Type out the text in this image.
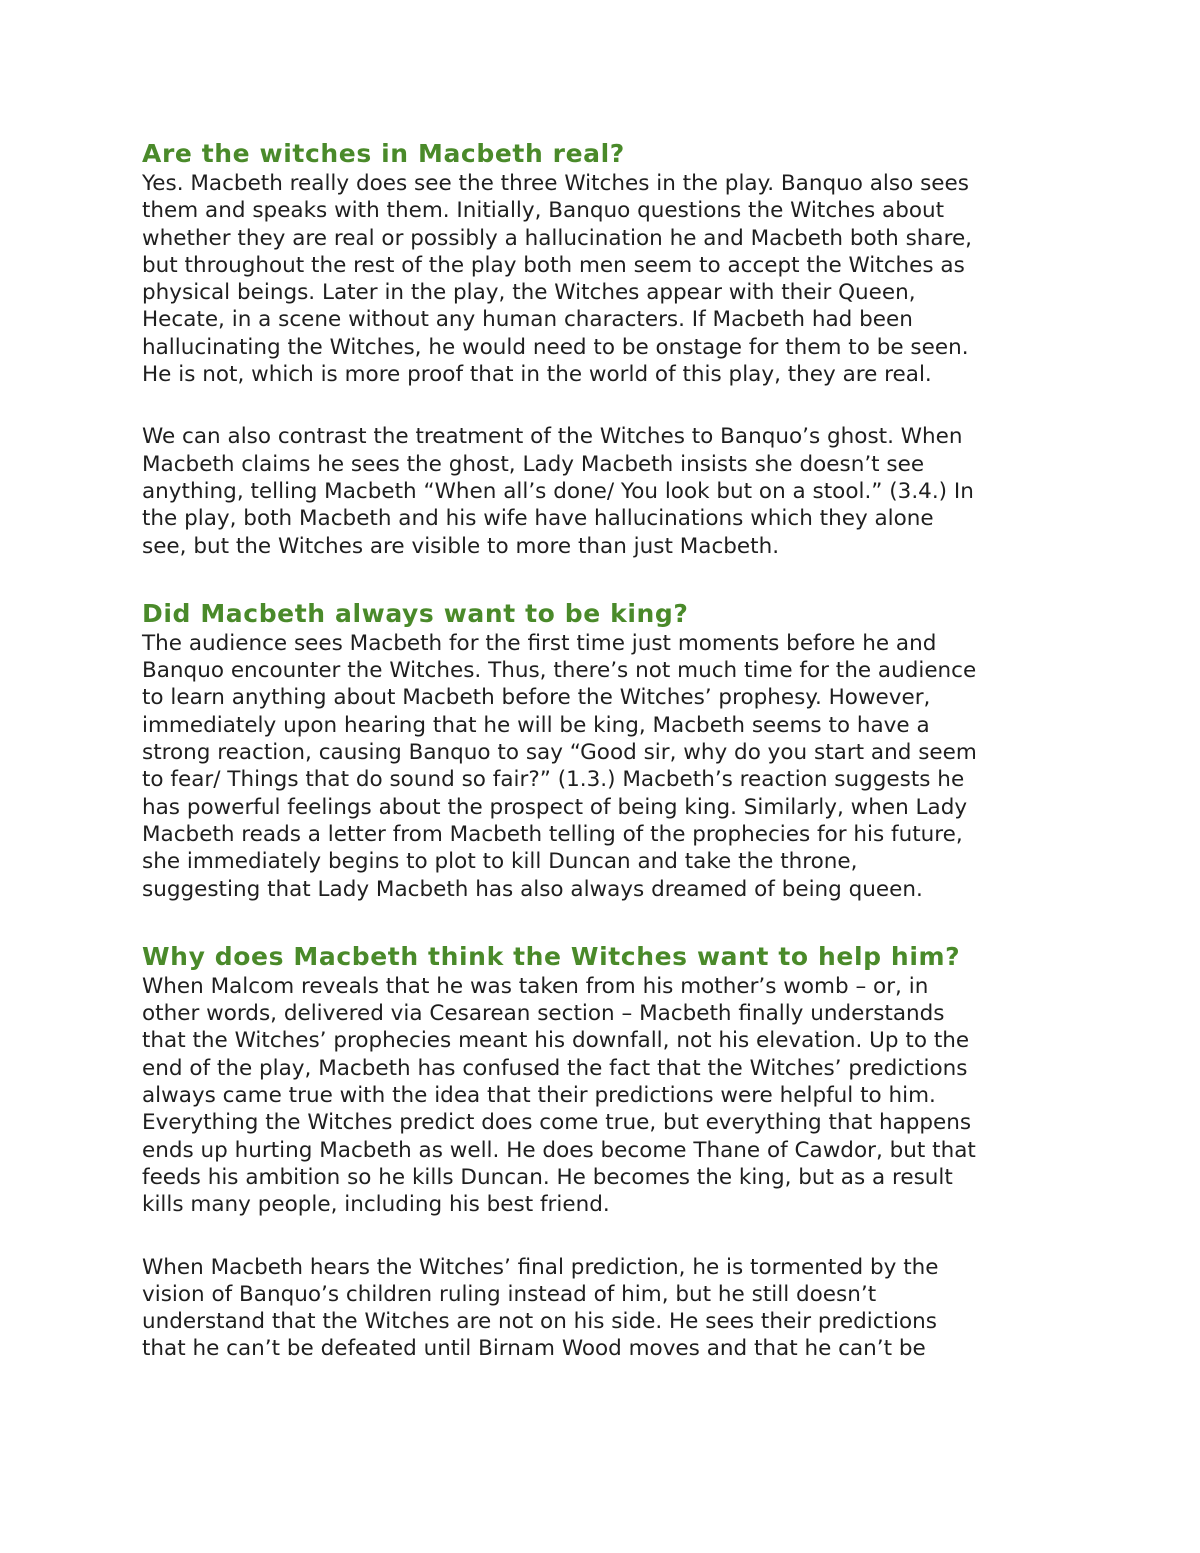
Are the witches in Macbeth real?

Yes. Macbeth really does see the three Witches in the play. Banquo also sees
them and speaks with them. Initially, Banquo questions the Witches about
whether they are real or possibly a hallucination he and Macbeth both share,
but throughout the rest of the play both men seem to accept the Witches as
physical beings. Later in the play, the Witches appear with their Queen,
Hecate, in a scene without any human characters. If Macbeth had been
hallucinating the Witches, he would need to be onstage for them to be seen.
He is not, which is more proof that in the world of this play, they are real.

We can also contrast the treatment of the Witches to Banquo’s ghost. When
Macbeth claims he sees the ghost, Lady Macbeth insists she doesn’t see
anything, telling Macbeth “When all’s done/ You look but on a stool.” (3.4.) In
the play, both Macbeth and his wife have hallucinations which they alone
see, but the Witches are visible to more than just Macbeth.

Did Macbeth always want to be king?

The audience sees Macbeth for the first time just moments before he and
Banquo encounter the Witches. Thus, there’s not much time for the audience
to learn anything about Macbeth before the Witches’ prophesy. However,
immediately upon hearing that he will be king, Macbeth seems to have a
strong reaction, causing Banquo to say “Good sir, why do you start and seem
to fear/ Things that do sound so fair?” (1.3.) Macbeth’s reaction suggests he
has powerful feelings about the prospect of being king. Similarly, when Lady
Macbeth reads a letter from Macbeth telling of the prophecies for his future,
she immediately begins to plot to kill Duncan and take the throne,
suggesting that Lady Macbeth has also always dreamed of being queen.

Why does Macbeth think the Witches want to help him?

When Malcom reveals that he was taken from his mother’s womb – or, in
other words, delivered via Cesarean section – Macbeth finally understands
that the Witches’ prophecies meant his downfall, not his elevation. Up to the
end of the play, Macbeth has confused the fact that the Witches’ predictions
always came true with the idea that their predictions were helpful to him.
Everything the Witches predict does come true, but everything that happens
ends up hurting Macbeth as well. He does become Thane of Cawdor, but that
feeds his ambition so he kills Duncan. He becomes the king, but as a result
kills many people, including his best friend.

When Macbeth hears the Witches’ final prediction, he is tormented by the
vision of Banquo’s children ruling instead of him, but he still doesn’t
understand that the Witches are not on his side. He sees their predictions
that he can’t be defeated until Birnam Wood moves and that he can’t be
